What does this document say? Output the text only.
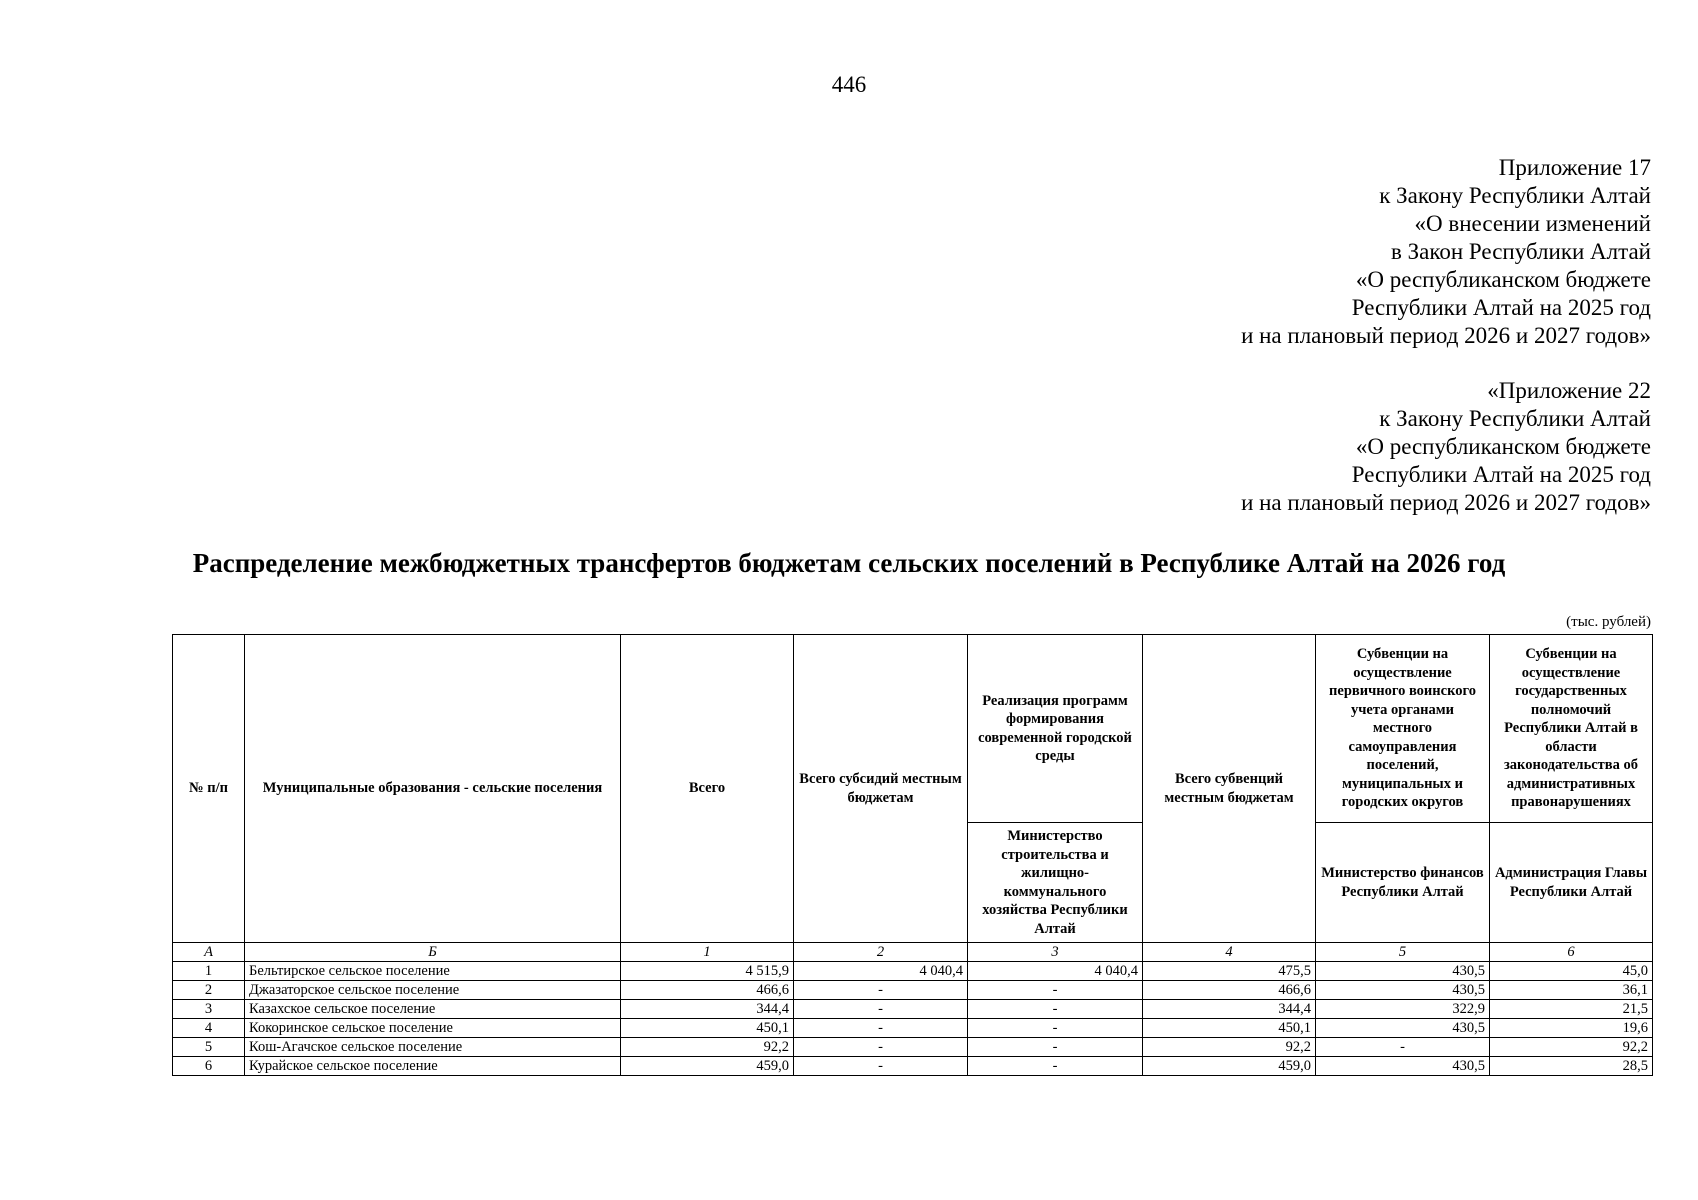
446
Приложение 17
к Закону Республики Алтай
«О внесении изменений
в Закон Республики Алтай
«О республиканском бюджете
Республики Алтай на 2025 год
и на плановый период 2026 и 2027 годов»
«Приложение 22
к Закону Республики Алтай
«О республиканском бюджете
Республики Алтай на 2025 год
и на плановый период 2026 и 2027 годов»
Распределение межбюджетных трансфертов бюджетам сельских поселений в Республике Алтай на 2026 год
(тыс. рублей)
№ п/п	Муниципальные образования - сельские поселения	Всего	Всего субсидий местным бюджетам	Реализация программ формирования современной городской среды	Всего субвенций местным бюджетам	Субвенции на осуществление первичного воинского учета органами местного самоуправления поселений, муниципальных и городских округов	Субвенции на осуществление государственных полномочий Республики Алтай в области законодательства об административных правонарушениях
				Министерство строительства и жилищно-коммунального хозяйства Республики Алтай		Министерство финансов Республики Алтай	Администрация Главы Республики Алтай
А	Б	1	2	3	4	5	6
1	Бельтирское сельское поселение	4 515,9	4 040,4	4 040,4	475,5	430,5	45,0
2	Джазаторское сельское поселение	466,6	-	-	466,6	430,5	36,1
3	Казахское сельское поселение	344,4	-	-	344,4	322,9	21,5
4	Кокоринское сельское поселение	450,1	-	-	450,1	430,5	19,6
5	Кош-Агачское сельское поселение	92,2	-	-	92,2	-	92,2
6	Курайское сельское поселение	459,0	-	-	459,0	430,5	28,5
